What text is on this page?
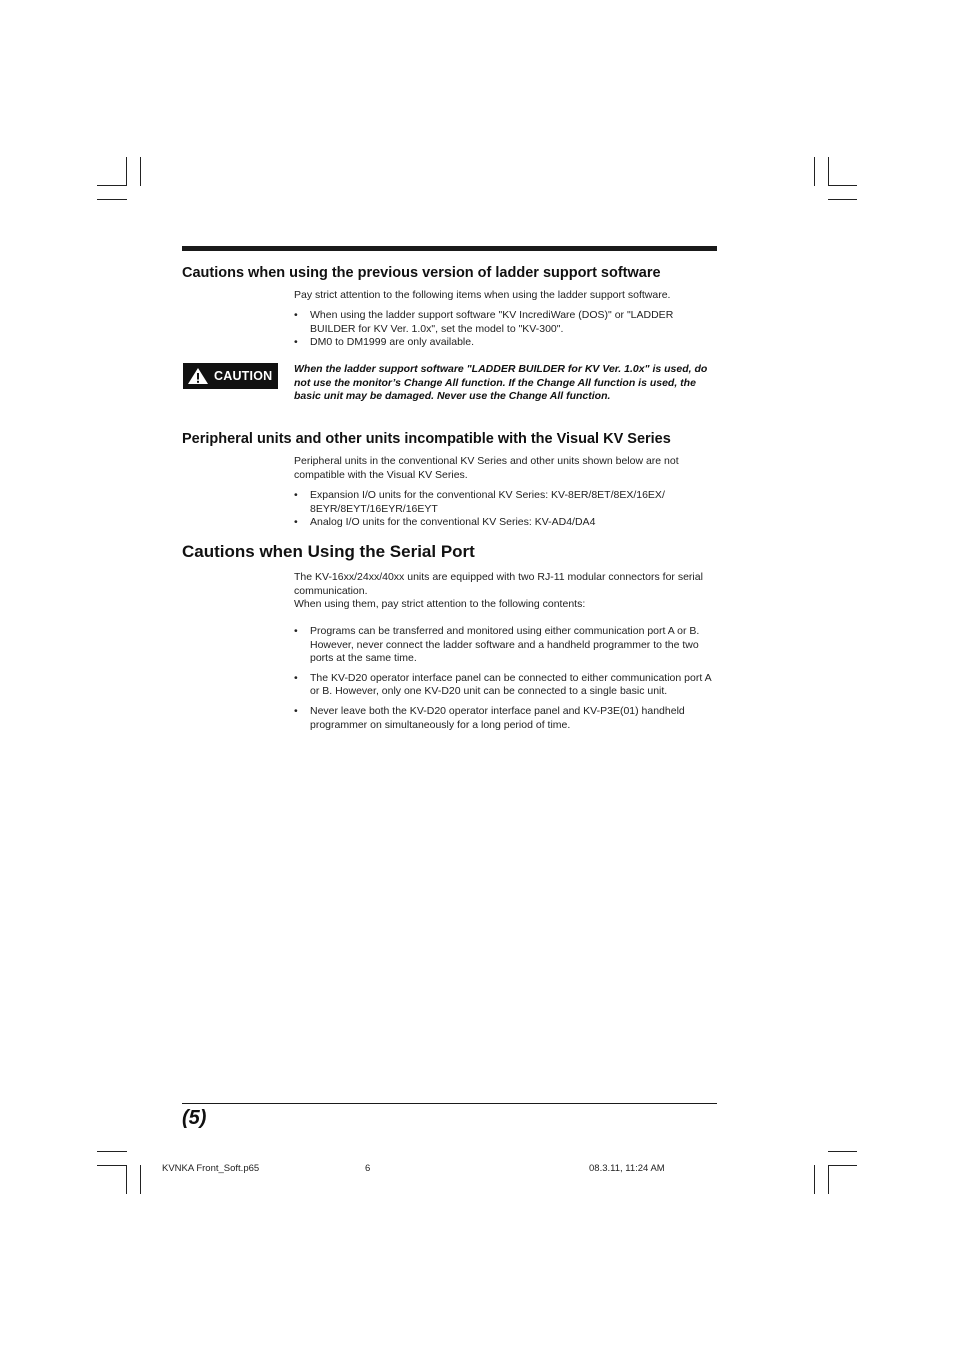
Cautions when using the previous version of ladder support software

Pay strict attention to the following items when using the ladder support software.

• When using the ladder support software "KV IncrediWare (DOS)" or "LADDER BUILDER for KV Ver. 1.0x", set the model to "KV-300".
• DM0 to DM1999 are only available.
CAUTION When the ladder support software "LADDER BUILDER for KV Ver. 1.0x" is used, do not use the monitor’s Change All function. If the Change All function is used, the basic unit may be damaged. Never use the Change All function.

Peripheral units and other units incompatible with the Visual KV Series

Peripheral units in the conventional KV Series and other units shown below are not compatible with the Visual KV Series.

• Expansion I/O units for the conventional KV Series: KV-8ER/8ET/8EX/16EX/ 8EYR/8EYT/16EYR/16EYT
• Analog I/O units for the conventional KV Series: KV-AD4/DA4
Cautions when Using the Serial Port

The KV-16xx/24xx/40xx units are equipped with two RJ-11 modular connectors for serial communication.

When using them, pay strict attention to the following contents:

• Programs can be transferred and monitored using either communication port A or B. However, never connect the ladder software and a handheld programmer to the two ports at the same time.
• The KV-D20 operator interface panel can be connected to either communication port A or B. However, only one KV-D20 unit can be connected to a single basic unit.
• Never leave both the KV-D20 operator interface panel and KV-P3E(01) handheld programmer on simultaneously for a long period of time.

(5)

KVNKA Front_Soft.p65	6	08.3.11, 11:24 AM
